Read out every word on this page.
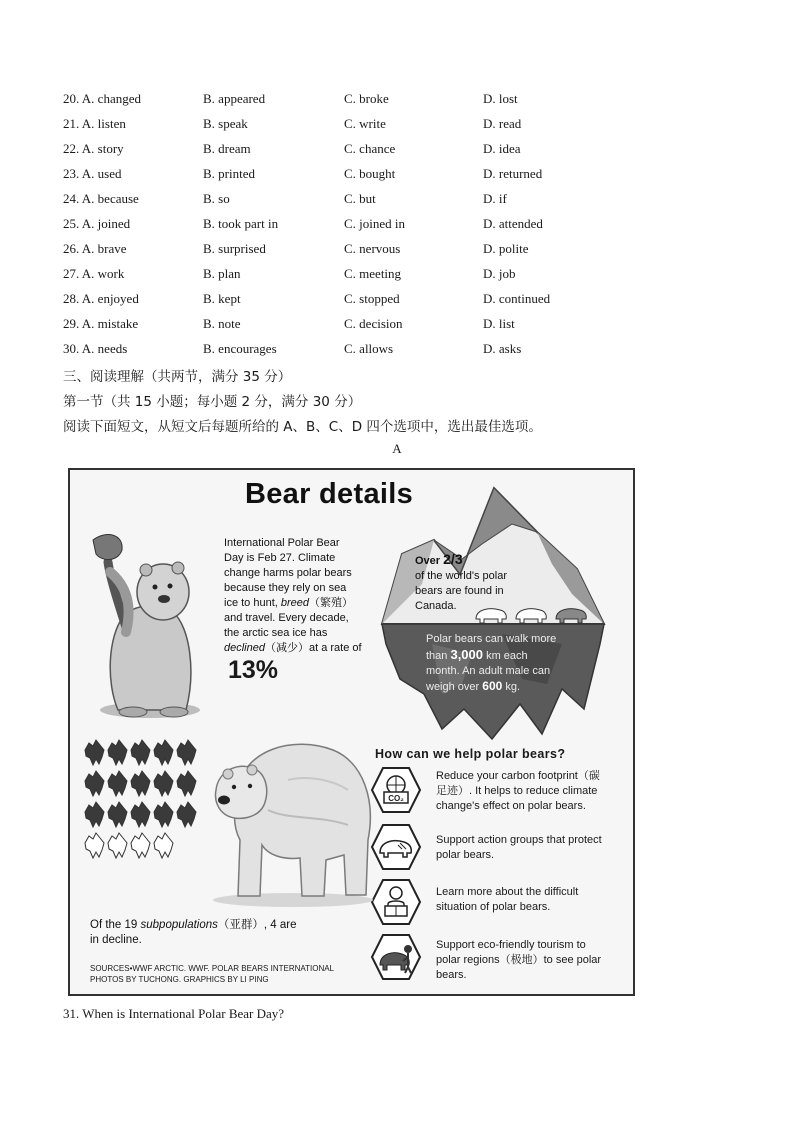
20. A. changed	B. appeared	C. broke	D. lost
21. A. listen	B. speak	C. write	D. read
22. A. story	B. dream	C. chance	D. idea
23. A. used	B. printed	C. bought	D. returned
24. A. because	B. so	C. but	D. if
25. A. joined	B. took part in	C. joined in	D. attended
26. A. brave	B. surprised	C. nervous	D. polite
27. A. work	B. plan	C. meeting	D. job
28. A. enjoyed	B. kept	C. stopped	D. continued
29. A. mistake	B. note	C. decision	D. list
30. A. needs	B. encourages	C. allows	D. asks
三、阅读理解（共两节，满分 35 分）
第一节（共 15 小题；每小题 2 分，满分 30 分）
阅读下面短文，从短文后每题所给的 A、B、C、D 四个选项中，选出最佳选项。
A
Bear details
International Polar Bear
Day is Feb 27. Climate
change harms polar bears
because they rely on sea
ice to hunt, breed（繁殖）
and travel. Every decade,
the arctic sea ice has
declined（减少）at a rate of
13%
Over 2/3
of the world's polar
bears are found in
Canada.
Polar bears can walk more
than 3,000 km each
month. An adult male can
weigh over 600 kg.
How can we help polar bears?
CO₂
Reduce your carbon footprint（碳
足迹）. It helps to reduce climate
change's effect on polar bears.
Support action groups that protect
polar bears.
Learn more about the difficult
situation of polar bears.
Support eco-friendly tourism to
polar regions（极地）to see polar
bears.
Of the 19 subpopulations（亚群）, 4 are
in decline.
SOURCES•WWF ARCTIC. WWF. POLAR BEARS INTERNATIONAL
PHOTOS BY TUCHONG. GRAPHICS BY LI PING
31. When is International Polar Bear Day?
